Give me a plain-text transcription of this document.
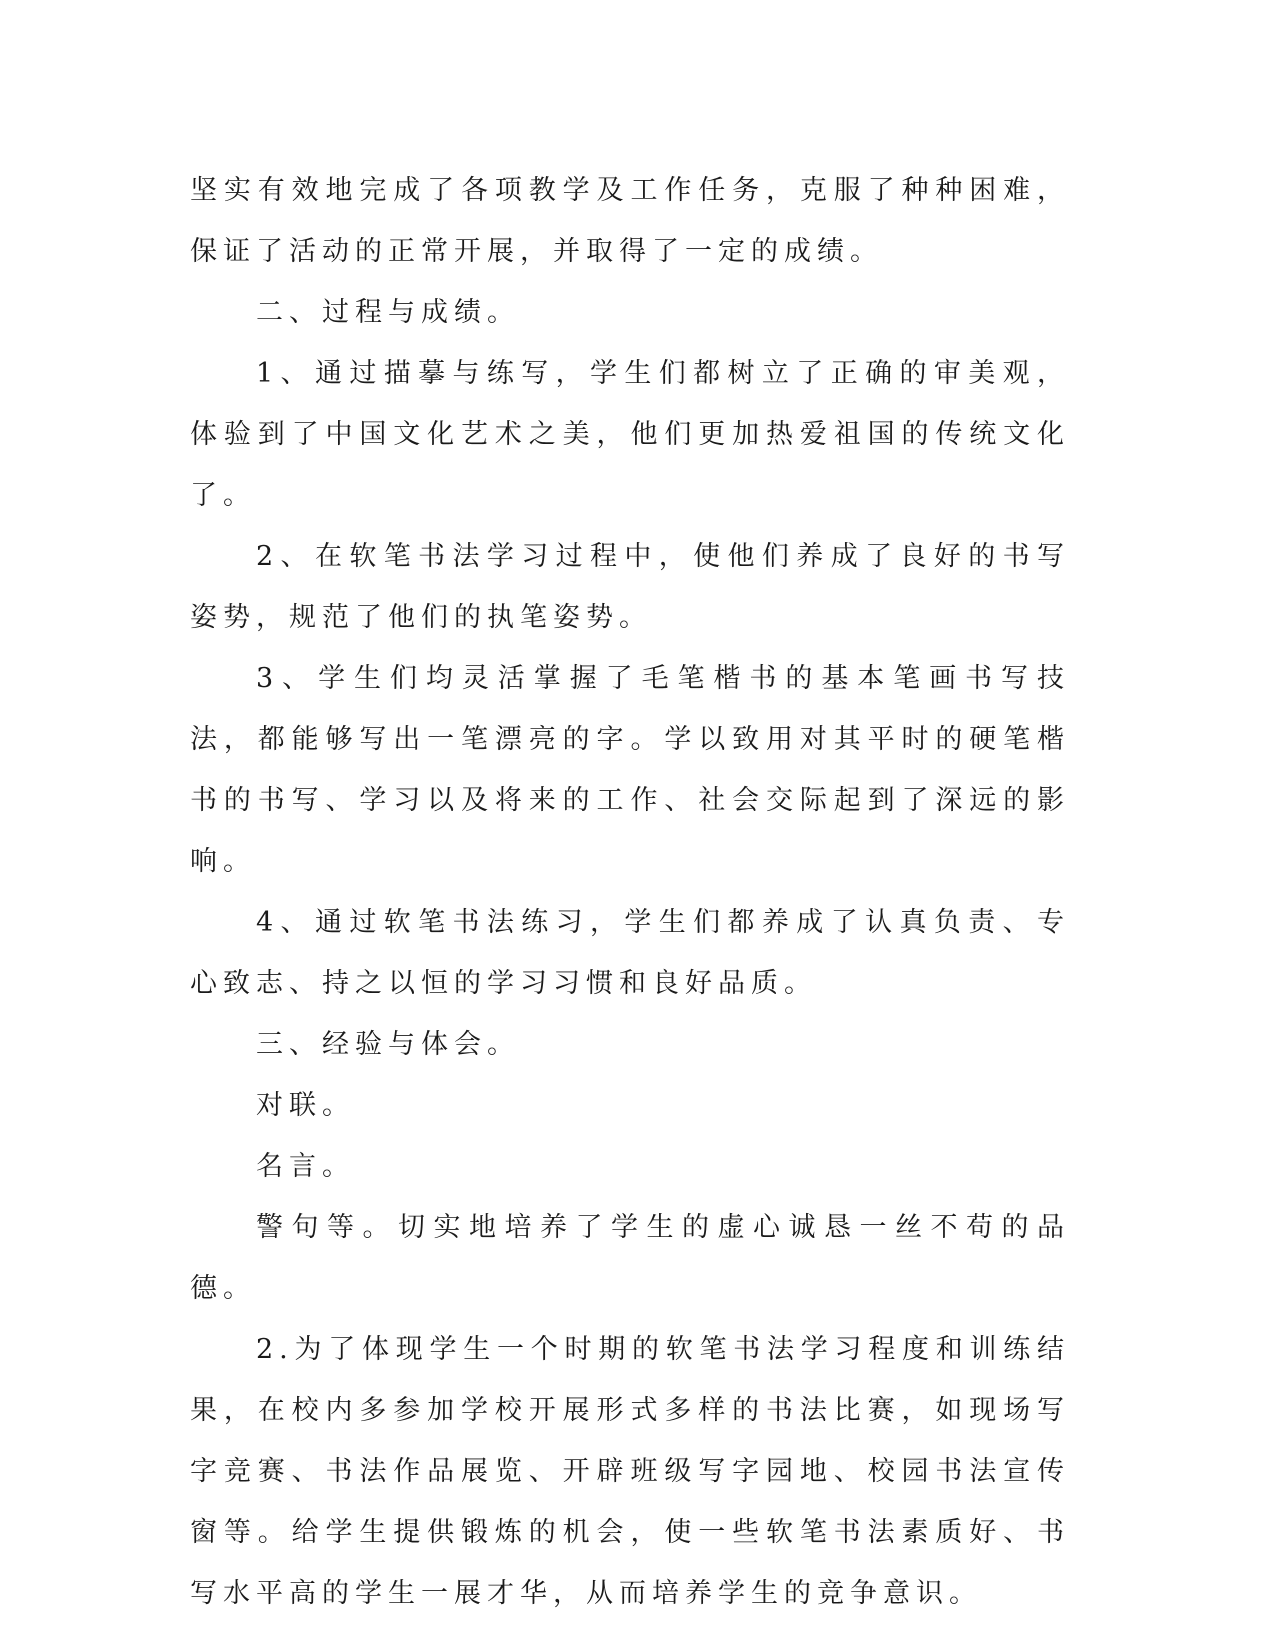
坚实有效地完成了各项教学及工作任务，克服了种种困难，保证了活动的正常开展，并取得了一定的成绩。

二、过程与成绩。

1、通过描摹与练写，学生们都树立了正确的审美观，体验到了中国文化艺术之美，他们更加热爱祖国的传统文化了。

2、在软笔书法学习过程中，使他们养成了良好的书写姿势，规范了他们的执笔姿势。

3、学生们均灵活掌握了毛笔楷书的基本笔画书写技法，都能够写出一笔漂亮的字。学以致用对其平时的硬笔楷书的书写、学习以及将来的工作、社会交际起到了深远的影响。

4、通过软笔书法练习，学生们都养成了认真负责、专心致志、持之以恒的学习习惯和良好品质。

三、经验与体会。

对联。

名言。

警句等。切实地培养了学生的虚心诚恳一丝不苟的品德。

2.为了体现学生一个时期的软笔书法学习程度和训练结果，在校内多参加学校开展形式多样的书法比赛，如现场写字竞赛、书法作品展览、开辟班级写字园地、校园书法宣传窗等。给学生提供锻炼的机会，使一些软笔书法素质好、书写水平高的学生一展才华，从而培养学生的竞争意识。
